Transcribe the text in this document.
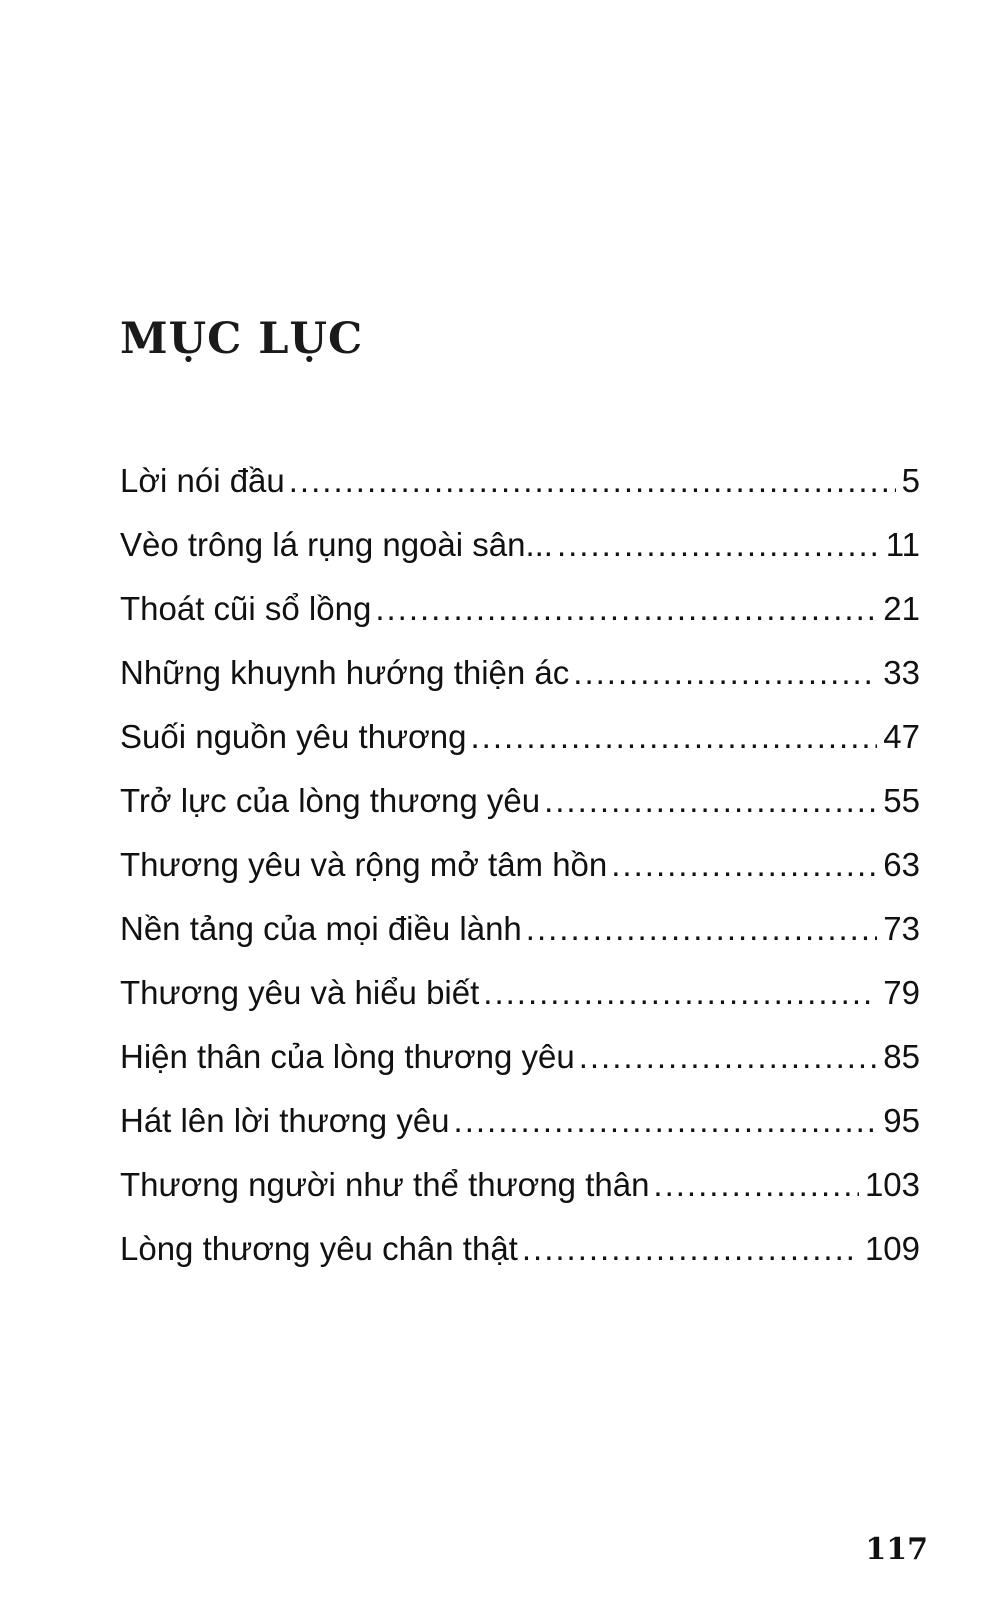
MỤC LỤC
Lời nói đầu .....	5
Vèo trông lá rụng ngoài sân... .....	11
Thoát cũi sổ lồng .....	21
Những khuynh hướng thiện ác .....	33
Suối nguồn yêu thương .....	47
Trở lực của lòng thương yêu .....	55
Thương yêu và rộng mở tâm hồn .....	63
Nền tảng của mọi điều lành .....	73
Thương yêu và hiểu biết .....	79
Hiện thân của lòng thương yêu .....	85
Hát lên lời thương yêu .....	95
Thương người như thể thương thân .....	103
Lòng thương yêu chân thật .....	109
117
